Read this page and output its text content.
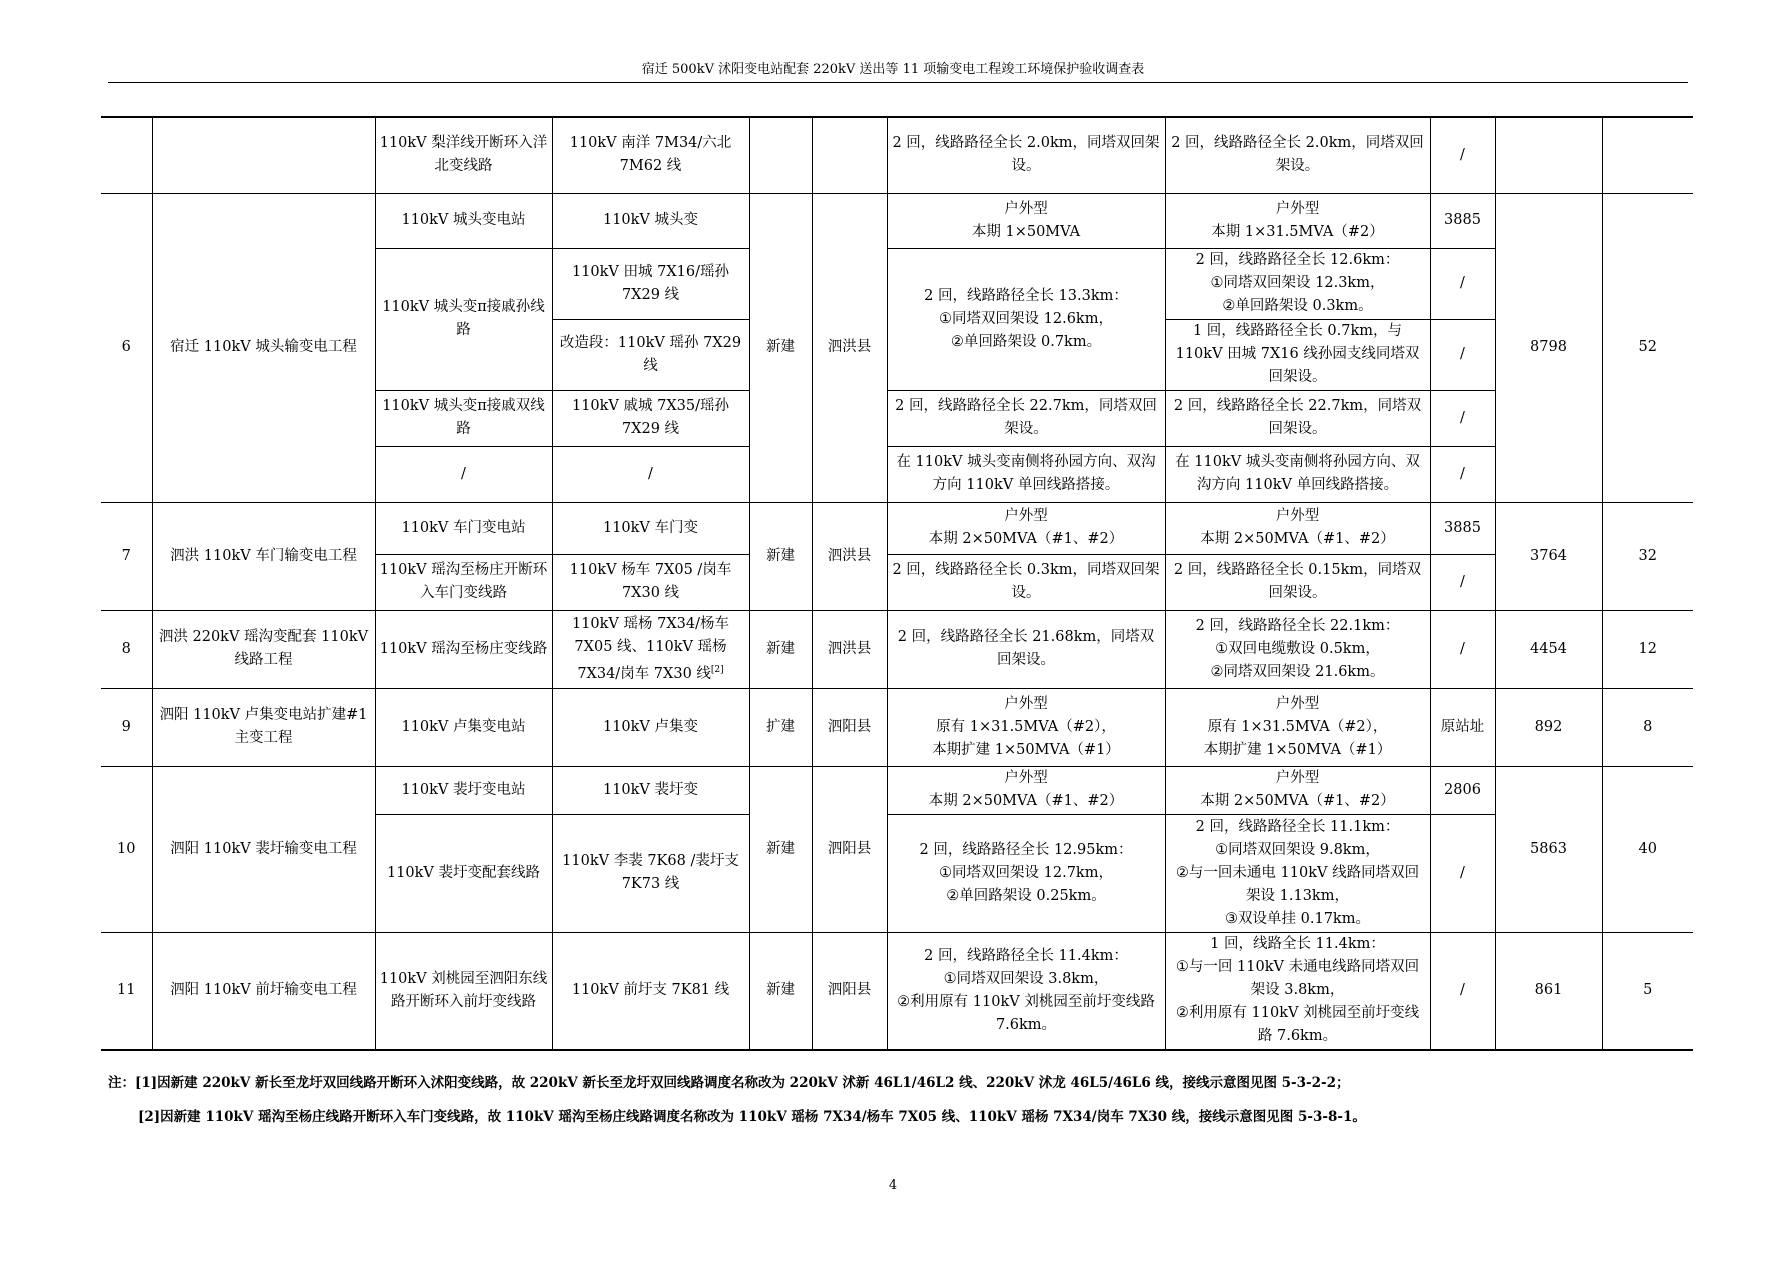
宿迁 500kV 沭阳变电站配套 220kV 送出等 11 项输变电工程竣工环境保护验收调查表
		110kV 梨洋线开断环入洋北变线路	110kV 南洋 7M34/六北 7M62 线			2 回，线路路径全长 2.0km，同塔双回架设。	2 回，线路路径全长 2.0km，同塔双回架设。	/		
6	宿迁 110kV 城头输变电工程	110kV 城头变电站	110kV 城头变	新建	泗洪县	户外型
本期 1×50MVA	户外型
本期 1×31.5MVA（#2）	3885	8798	52
		110kV 城头变π接戚孙线路	110kV 田城 7X16/瑶孙 7X29 线			2 回，线路路径全长 13.3km：
①同塔双回架设 12.6km，
②单回路架设 0.7km。	2 回，线路路径全长 12.6km：
①同塔双回架设 12.3km，
②单回路架设 0.3km。	/		
			改造段：110kV 瑶孙 7X29 线				1 回，线路路径全长 0.7km，与 110kV 田城 7X16 线孙园支线同塔双回架设。	/		
		110kV 城头变π接戚双线路	110kV 戚城 7X35/瑶孙 7X29 线			2 回，线路路径全长 22.7km，同塔双回架设。	2 回，线路路径全长 22.7km，同塔双回架设。	/		
		/	/			在 110kV 城头变南侧将孙园方向、双沟方向 110kV 单回线路搭接。	在 110kV 城头变南侧将孙园方向、双沟方向 110kV 单回线路搭接。	/		

7	泗洪 110kV 车门输变电工程	110kV 车门变电站	110kV 车门变	新建	泗洪县	户外型
本期 2×50MVA（#1、#2）	户外型
本期 2×50MVA（#1、#2）	3885	3764	32
		110kV 瑶沟至杨庄开断环入车门变线路	110kV 杨车 7X05 /岗车 7X30 线			2 回，线路路径全长 0.3km，同塔双回架设。	2 回，线路路径全长 0.15km，同塔双回架设。	/		
8	泗洪 220kV 瑶沟变配套 110kV 线路工程	110kV 瑶沟至杨庄变线路	110kV 瑶杨 7X34/杨车 7X05 线、110kV 瑶杨 7X34/岗车 7X30 线[2]	新建	泗洪县	2 回，线路路径全长 21.68km，同塔双回架设。	2 回，线路路径全长 22.1km：
①双回电缆敷设 0.5km，
②同塔双回架设 21.6km。	/	4454	12
9	泗阳 110kV 卢集变电站扩建#1 主变工程	110kV 卢集变电站	110kV 卢集变	扩建	泗阳县	户外型
原有 1×31.5MVA（#2），
本期扩建 1×50MVA（#1）	户外型
原有 1×31.5MVA（#2），
本期扩建 1×50MVA（#1）	原站址	892	8
10	泗阳 110kV 裴圩输变电工程	110kV 裴圩变电站	110kV 裴圩变	新建	泗阳县	户外型
本期 2×50MVA（#1、#2）	户外型
本期 2×50MVA（#1、#2）	2806	5863	40
		110kV 裴圩变配套线路	110kV 李裴 7K68 /裴圩支 7K73 线			2 回，线路路径全长 12.95km：
①同塔双回架设 12.7km，
②单回路架设 0.25km。	2 回，线路路径全长 11.1km：
①同塔双回架设 9.8km，
②与一回未通电 110kV 线路同塔双回架设 1.13km，
③双设单挂 0.17km。	/		
11	泗阳 110kV 前圩输变电工程	110kV 刘桃园至泗阳东线路开断环入前圩变线路	110kV 前圩支 7K81 线	新建	泗阳县	2 回，线路路径全长 11.4km：
①同塔双回架设 3.8km，
②利用原有 110kV 刘桃园至前圩变线路 7.6km。	1 回，线路全长 11.4km：
①与一回 110kV 未通电线路同塔双回架设 3.8km，
②利用原有 110kV 刘桃园至前圩变线路 7.6km。	/	861	5
注：[1]因新建 220kV 新长至龙圩双回线路开断环入沭阳变线路，故 220kV 新长至龙圩双回线路调度名称改为 220kV 沭新 46L1/46L2 线、220kV 沭龙 46L5/46L6 线，接线示意图见图 5-3-2-2；
[2]因新建 110kV 瑶沟至杨庄线路开断环入车门变线路，故 110kV 瑶沟至杨庄线路调度名称改为 110kV 瑶杨 7X34/杨车 7X05 线、110kV 瑶杨 7X34/岗车 7X30 线，接线示意图见图 5-3-8-1。
4
